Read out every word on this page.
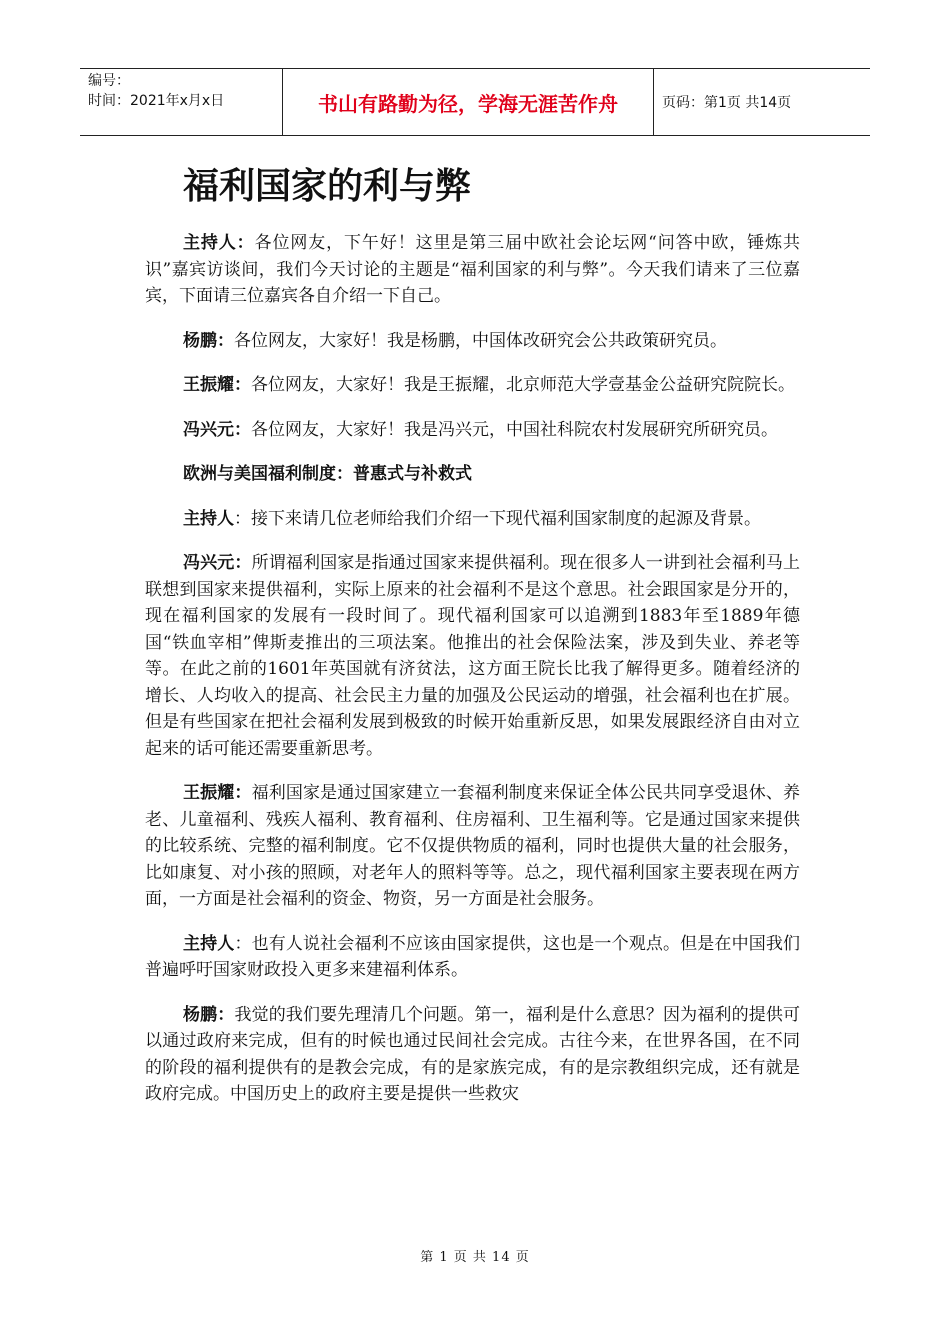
编号：
时间：2021年x月x日	书山有路勤为径，学海无涯苦作舟	页码：第1页 共14页
福利国家的利与弊

主持人：各位网友，下午好！这里是第三届中欧社会论坛网“问答中欧，锤炼共识”嘉宾访谈间，我们今天讨论的主题是“福利国家的利与弊”。今天我们请来了三位嘉宾，下面请三位嘉宾各自介绍一下自己。

杨鹏：各位网友，大家好！我是杨鹏，中国体改研究会公共政策研究员。

王振耀：各位网友，大家好！我是王振耀，北京师范大学壹基金公益研究院院长。

冯兴元：各位网友，大家好！我是冯兴元，中国社科院农村发展研究所研究员。

欧洲与美国福利制度：普惠式与补救式

主持人：接下来请几位老师给我们介绍一下现代福利国家制度的起源及背景。

冯兴元：所谓福利国家是指通过国家来提供福利。现在很多人一讲到社会福利马上联想到国家来提供福利，实际上原来的社会福利不是这个意思。社会跟国家是分开的，现在福利国家的发展有一段时间了。现代福利国家可以追溯到1883年至1889年德国“铁血宰相”俾斯麦推出的三项法案。他推出的社会保险法案，涉及到失业、养老等等。在此之前的1601年英国就有济贫法，这方面王院长比我了解得更多。随着经济的增长、人均收入的提高、社会民主力量的加强及公民运动的增强，社会福利也在扩展。但是有些国家在把社会福利发展到极致的时候开始重新反思，如果发展跟经济自由对立起来的话可能还需要重新思考。

王振耀：福利国家是通过国家建立一套福利制度来保证全体公民共同享受退休、养老、儿童福利、残疾人福利、教育福利、住房福利、卫生福利等。它是通过国家来提供的比较系统、完整的福利制度。它不仅提供物质的福利，同时也提供大量的社会服务，比如康复、对小孩的照顾，对老年人的照料等等。总之，现代福利国家主要表现在两方面，一方面是社会福利的资金、物资，另一方面是社会服务。

主持人：也有人说社会福利不应该由国家提供，这也是一个观点。但是在中国我们普遍呼吁国家财政投入更多来建福利体系。

杨鹏：我觉的我们要先理清几个问题。第一，福利是什么意思？因为福利的提供可以通过政府来完成，但有的时候也通过民间社会完成。古往今来，在世界各国，在不同的阶段的福利提供有的是教会完成，有的是家族完成，有的是宗教组织完成，还有就是政府完成。中国历史上的政府主要是提供一些救灾

第 1 页 共 14 页
